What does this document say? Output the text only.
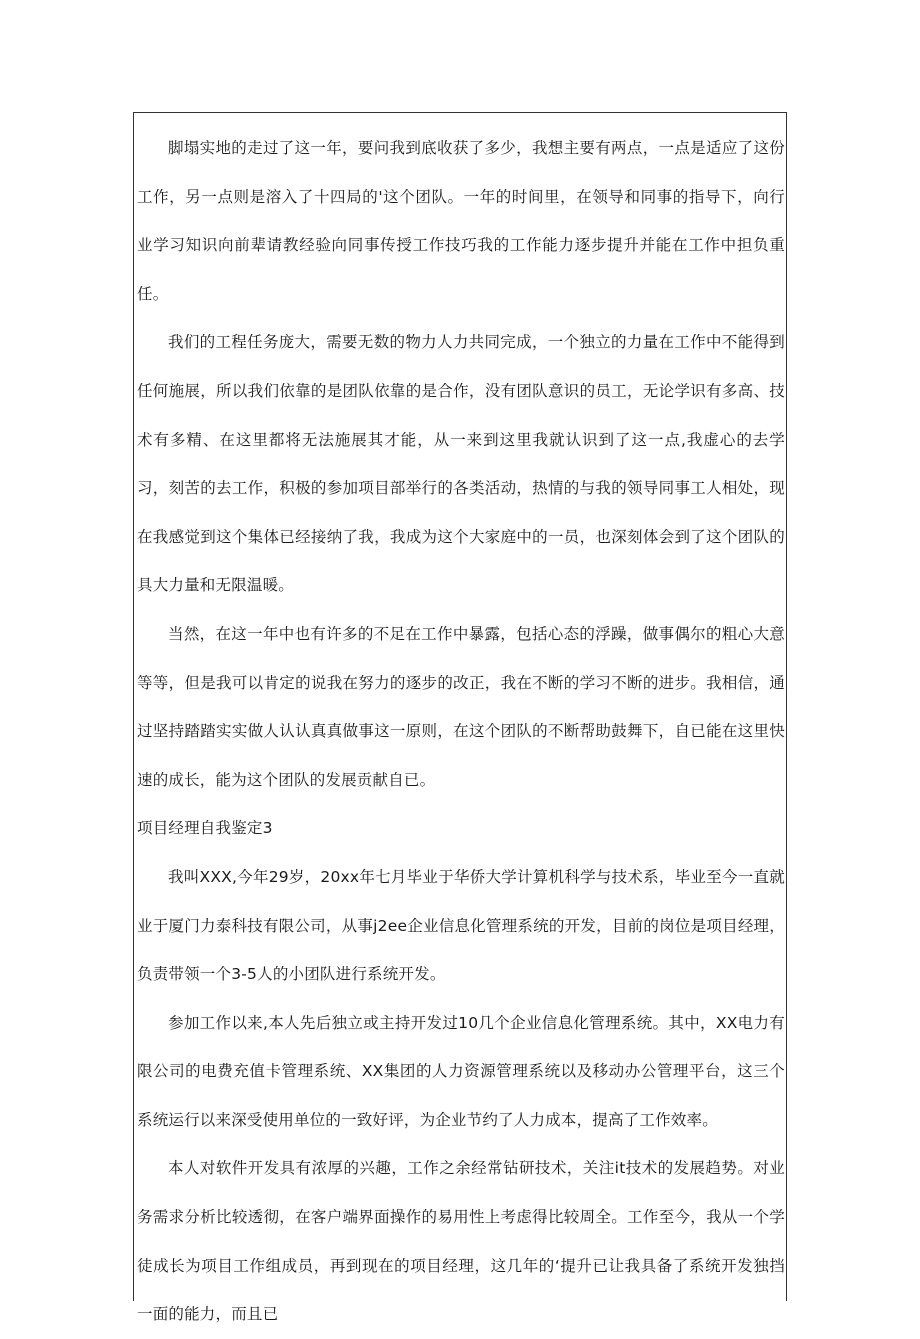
脚塌实地的走过了这一年，要问我到底收获了多少，我想主要有两点，一点是适应了这份工作，另一点则是溶入了十四局的'这个团队。一年的时间里，在领导和同事的指导下，向行业学习知识向前辈请教经验向同事传授工作技巧我的工作能力逐步提升并能在工作中担负重任。

我们的工程任务庞大，需要无数的物力人力共同完成，一个独立的力量在工作中不能得到任何施展，所以我们依靠的是团队依靠的是合作，没有团队意识的员工，无论学识有多高、技术有多精、在这里都将无法施展其才能，从一来到这里我就认识到了这一点,我虚心的去学习，刻苦的去工作，积极的参加项目部举行的各类活动，热情的与我的领导同事工人相处，现在我感觉到这个集体已经接纳了我，我成为这个大家庭中的一员，也深刻体会到了这个团队的具大力量和无限温暖。

当然，在这一年中也有许多的不足在工作中暴露，包括心态的浮躁，做事偶尔的粗心大意等等，但是我可以肯定的说我在努力的逐步的改正，我在不断的学习不断的进步。我相信，通过坚持踏踏实实做人认认真真做事这一原则，在这个团队的不断帮助鼓舞下，自已能在这里快速的成长，能为这个团队的发展贡献自已。

项目经理自我鉴定3

我叫XXX,今年29岁，20xx年七月毕业于华侨大学计算机科学与技术系，毕业至今一直就业于厦门力泰科技有限公司，从事j2ee企业信息化管理系统的开发，目前的岗位是项目经理，负责带领一个3-5人的小团队进行系统开发。

参加工作以来,本人先后独立或主持开发过10几个企业信息化管理系统。其中，XX电力有限公司的电费充值卡管理系统、XX集团的人力资源管理系统以及移动办公管理平台，这三个系统运行以来深受使用单位的一致好评，为企业节约了人力成本，提高了工作效率。

本人对软件开发具有浓厚的兴趣，工作之余经常钻研技术，关注it技术的发展趋势。对业务需求分析比较透彻，在客户端界面操作的易用性上考虑得比较周全。工作至今，我从一个学徒成长为项目工作组成员，再到现在的项目经理，这几年的‘提升已让我具备了系统开发独挡一面的能力，而且已
